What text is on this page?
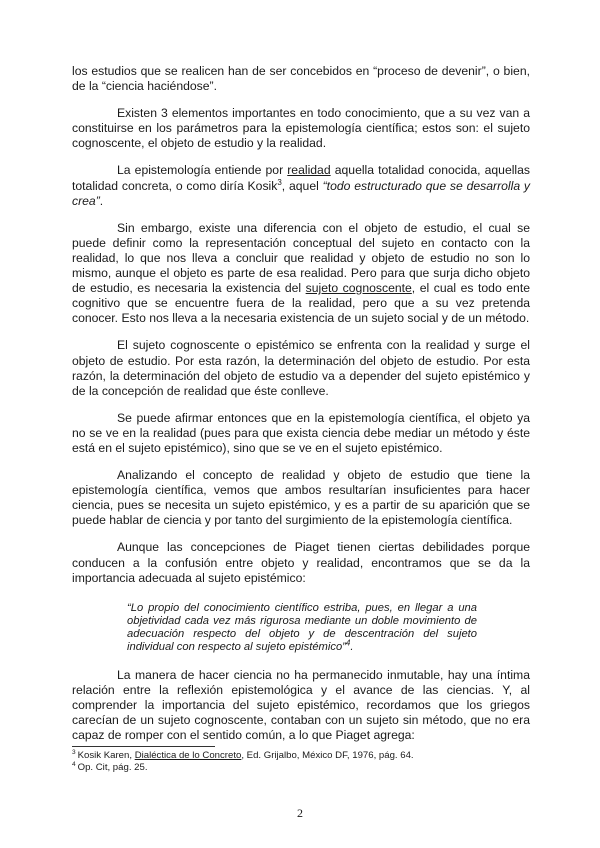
los estudios que se realicen han de ser concebidos en “proceso de devenir”, o bien, de la “ciencia haciéndose”.

Existen 3 elementos importantes en todo conocimiento, que a su vez van a constituirse en los parámetros para la epistemología científica; estos son: el sujeto cognoscente, el objeto de estudio y la realidad.

La epistemología entiende por realidad aquella totalidad conocida, aquellas totalidad concreta, o como diría Kosik$^3$, aquel “todo estructurado que se desarrolla y crea”.

Sin embargo, existe una diferencia con el objeto de estudio, el cual se puede definir como la representación conceptual del sujeto en contacto con la realidad, lo que nos lleva a concluir que realidad y objeto de estudio no son lo mismo, aunque el objeto es parte de esa realidad. Pero para que surja dicho objeto de estudio, es necesaria la existencia del sujeto cognoscente, el cual es todo ente cognitivo que se encuentre fuera de la realidad, pero que a su vez pretenda conocer. Esto nos lleva a la necesaria existencia de un sujeto social y de un método.

El sujeto cognoscente o epistémico se enfrenta con la realidad y surge el objeto de estudio. Por esta razón, la determinación del objeto de estudio. Por esta razón, la determinación del objeto de estudio va a depender del sujeto epistémico y de la concepción de realidad que éste conlleve.

Se puede afirmar entonces que en la epistemología científica, el objeto ya no se ve en la realidad (pues para que exista ciencia debe mediar un método y éste está en el sujeto epistémico), sino que se ve en el sujeto epistémico.

Analizando el concepto de realidad y objeto de estudio que tiene la epistemología científica, vemos que ambos resultarían insuficientes para hacer ciencia, pues se necesita un sujeto epistémico, y es a partir de su aparición que se puede hablar de ciencia y por tanto del surgimiento de la epistemología científica.

Aunque las concepciones de Piaget tienen ciertas debilidades porque conducen a la confusión entre objeto y realidad, encontramos que se da la importancia adecuada al sujeto epistémico:

“Lo propio del conocimiento científico estriba, pues, en llegar a una objetividad cada vez más rigurosa mediante un doble movimiento de adecuación respecto del objeto y de descentración del sujeto individual con respecto al sujeto epistémico”$^4$.

La manera de hacer ciencia no ha permanecido inmutable, hay una íntima relación entre la reflexión epistemológica y el avance de las ciencias. Y, al comprender la importancia del sujeto epistémico, recordamos que los griegos carecían de un sujeto cognoscente, contaban con un sujeto sin método, que no era capaz de romper con el sentido común, a lo que Piaget agrega:

$^3$ Kosik Karen, Dialéctica de lo Concreto, Ed. Grijalbo, México DF, 1976, pág. 64.

$^4$ Op. Cit, pág. 25.

2
